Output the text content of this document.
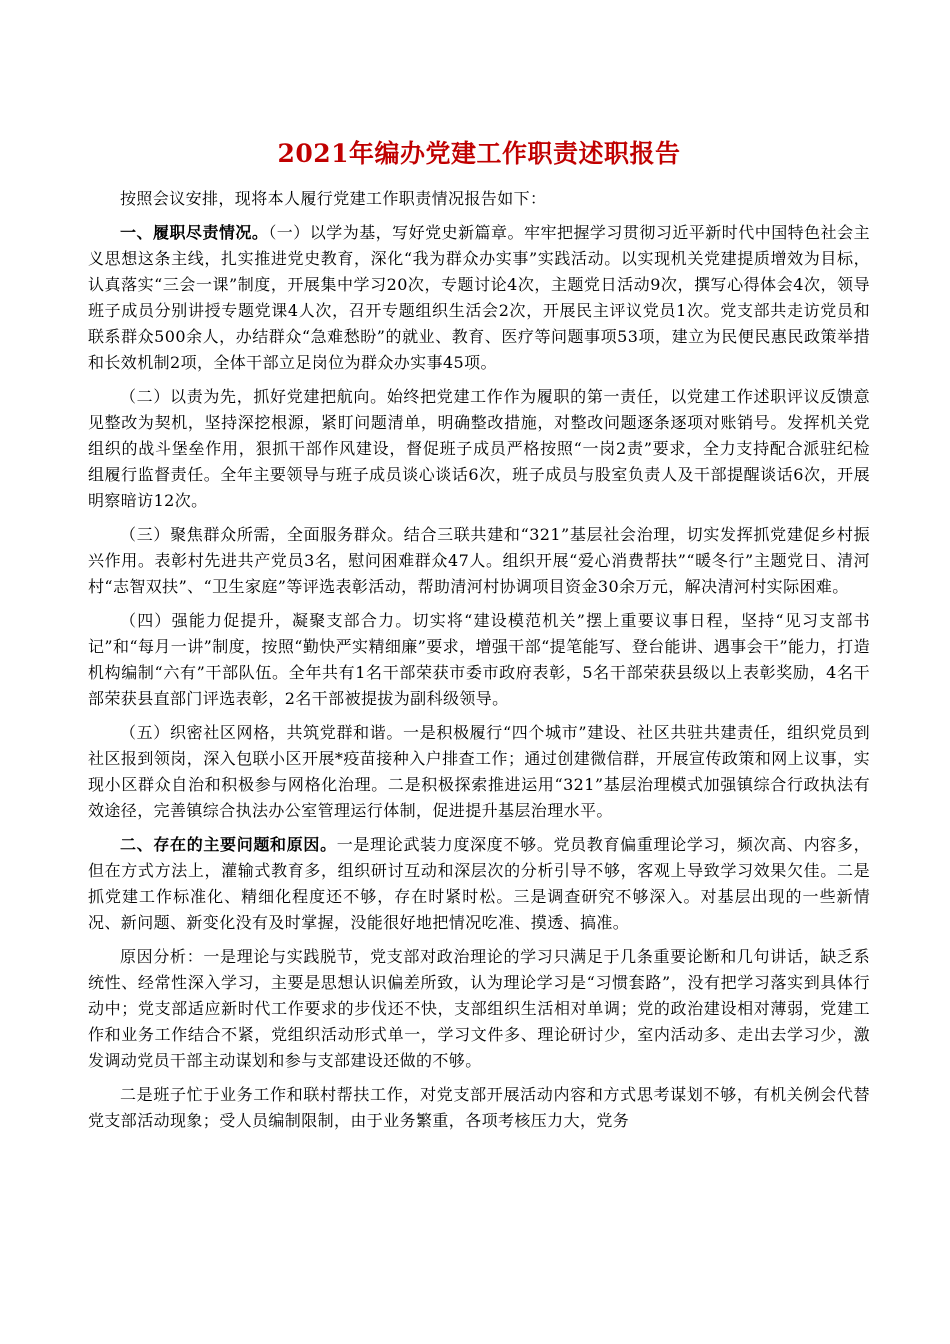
2021年编办党建工作职责述职报告

按照会议安排，现将本人履行党建工作职责情况报告如下：

一、履职尽责情况。（一）以学为基，写好党史新篇章。牢牢把握学习贯彻习近平新时代中国特色社会主义思想这条主线，扎实推进党史教育，深化“我为群众办实事”实践活动。以实现机关党建提质增效为目标，认真落实“三会一课”制度，开展集中学习20次，专题讨论4次，主题党日活动9次，撰写心得体会4次，领导班子成员分别讲授专题党课4人次，召开专题组织生活会2次，开展民主评议党员1次。党支部共走访党员和联系群众500余人，办结群众“急难愁盼”的就业、教育、医疗等问题事项53项，建立为民便民惠民政策举措和长效机制2项，全体干部立足岗位为群众办实事45项。

（二）以责为先，抓好党建把航向。始终把党建工作作为履职的第一责任，以党建工作述职评议反馈意见整改为契机，坚持深挖根源，紧盯问题清单，明确整改措施，对整改问题逐条逐项对账销号。发挥机关党组织的战斗堡垒作用，狠抓干部作风建设，督促班子成员严格按照“一岗2责”要求，全力支持配合派驻纪检组履行监督责任。全年主要领导与班子成员谈心谈话6次，班子成员与股室负责人及干部提醒谈话6次，开展明察暗访12次。

（三）聚焦群众所需，全面服务群众。结合三联共建和“321”基层社会治理，切实发挥抓党建促乡村振兴作用。表彰村先进共产党员3名，慰问困难群众47人。组织开展“爱心消费帮扶”“暖冬行”主题党日、清河村“志智双扶”、“卫生家庭”等评选表彰活动，帮助清河村协调项目资金30余万元，解决清河村实际困难。

（四）强能力促提升，凝聚支部合力。切实将“建设模范机关”摆上重要议事日程，坚持“见习支部书记”和“每月一讲”制度，按照“勤快严实精细廉”要求，增强干部“提笔能写、登台能讲、遇事会干”能力，打造机构编制“六有”干部队伍。全年共有1名干部荣获市委市政府表彰，5名干部荣获县级以上表彰奖励，4名干部荣获县直部门评选表彰，2名干部被提拔为副科级领导。

（五）织密社区网格，共筑党群和谐。一是积极履行“四个城市”建设、社区共驻共建责任，组织党员到社区报到领岗，深入包联小区开展*疫苗接种入户排查工作；通过创建微信群，开展宣传政策和网上议事，实现小区群众自治和积极参与网格化治理。二是积极探索推进运用“321”基层治理模式加强镇综合行政执法有效途径，完善镇综合执法办公室管理运行体制，促进提升基层治理水平。

二、存在的主要问题和原因。一是理论武装力度深度不够。党员教育偏重理论学习，频次高、内容多，但在方式方法上，灌输式教育多，组织研讨互动和深层次的分析引导不够，客观上导致学习效果欠佳。二是抓党建工作标准化、精细化程度还不够，存在时紧时松。三是调查研究不够深入。对基层出现的一些新情况、新问题、新变化没有及时掌握，没能很好地把情况吃准、摸透、搞准。

原因分析：一是理论与实践脱节，党支部对政治理论的学习只满足于几条重要论断和几句讲话，缺乏系统性、经常性深入学习，主要是思想认识偏差所致，认为理论学习是“习惯套路”，没有把学习落实到具体行动中；党支部适应新时代工作要求的步伐还不快，支部组织生活相对单调；党的政治建设相对薄弱，党建工作和业务工作结合不紧，党组织活动形式单一，学习文件多、理论研讨少，室内活动多、走出去学习少，激发调动党员干部主动谋划和参与支部建设还做的不够。

二是班子忙于业务工作和联村帮扶工作，对党支部开展活动内容和方式思考谋划不够，有机关例会代替党支部活动现象；受人员编制限制，由于业务繁重，各项考核压力大，党务
